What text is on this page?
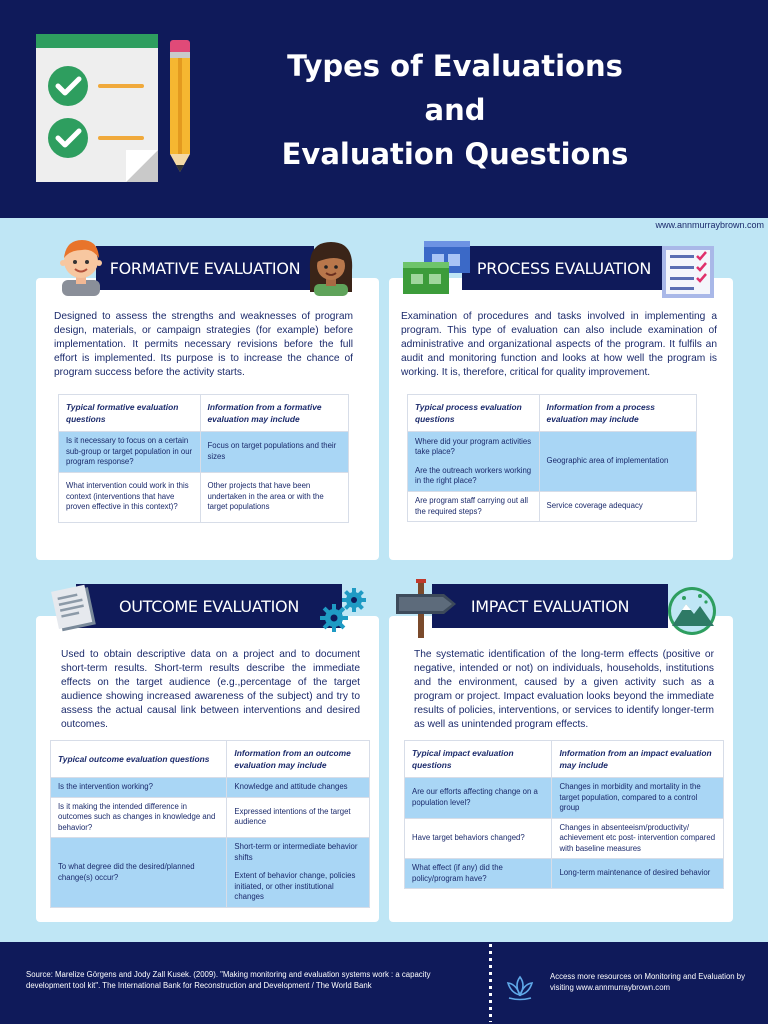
Types of Evaluations
and
Evaluation Questions
www.annmurraybrown.com
FORMATIVE EVALUATION
Designed to assess the strengths and weaknesses of program design, materials, or campaign strategies (for example) before implementation. It permits necessary revisions before the full effort is implemented. Its purpose is to increase the chance of program success before the activity starts.
Typical formative evaluation questions	Information from a formative evaluation may include
Is it necessary to focus on a certain sub-group or target population in our program response?	Focus on target populations and their sizes
What intervention could work in this context (interventions that have proven effective in this context)?	Other projects that have been undertaken in the area or with the target populations
PROCESS EVALUATION
Examination of procedures and tasks involved in implementing a program. This type of evaluation can also include examination of administrative and organizational aspects of the program. It fulfils an audit and monitoring function and looks at how well the program is working. It is, therefore, critical for quality improvement.
Typical process evaluation questions	Information from a process evaluation may include

Where did your program activities take place?
Are the outreach workers working in the right place?	Geographic area of implementation
Are program staff carrying out all the required steps?	Service coverage adequacy
OUTCOME EVALUATION
Used to obtain descriptive data on a project and to document short-term results. Short-term results describe the immediate effects on the target audience (e.g.,percentage of the target audience showing increased awareness of the subject) and try to assess the actual causal link between interventions and desired outcomes.
Typical outcome evaluation questions	Information from an outcome evaluation may include
Is the intervention working?	Knowledge and attitude changes
Is it making the intended difference in outcomes such as changes in knowledge and behavior?	Expressed intentions of the target audience
To what degree did the desired/planned change(s) occur?	Short-term or intermediate behavior shifts
Extent of behavior change, policies initiated, or other institutional changes
IMPACT EVALUATION
The systematic identification of the long-term effects (positive or negative, intended or not) on individuals, households, institutions and the environment, caused by a given activity such as a program or project. Impact evaluation looks beyond the immediate results of policies, interventions, or services to identify longer-term as well as unintended program effects.
Typical impact evaluation questions	Information from an impact evaluation may include
Are our efforts affecting change on a population level?	Changes in morbidity and mortality in the target population, compared to a control group
Have target behaviors changed?	Changes in absenteeism/productivity/ achievement etc post- intervention compared with baseline measures
What effect (if any) did the policy/program have?	Long-term maintenance of desired behavior
Source: Marelize Görgens and Jody Zall Kusek. (2009). "Making monitoring and evaluation systems work : a capacity development tool kit". The International Bank for Reconstruction and Development / The World Bank
Access more resources on Monitoring and Evaluation by visiting www.annmurraybrown.com
